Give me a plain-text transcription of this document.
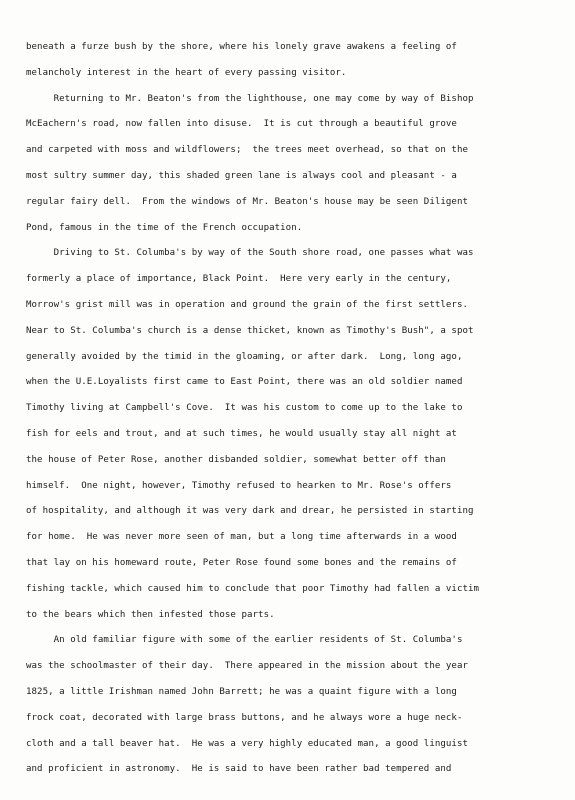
beneath a furze bush by the shore, where his lonely grave awakens a feeling of
melancholy interest in the heart of every passing visitor.
Returning to Mr. Beaton's from the lighthouse, one may come by way of Bishop
McEachern's road, now fallen into disuse.  It is cut through a beautiful grove
and carpeted with moss and wildflowers;  the trees meet overhead, so that on the
most sultry summer day, this shaded green lane is always cool and pleasant - a
regular fairy dell.  From the windows of Mr. Beaton's house may be seen Diligent
Pond, famous in the time of the French occupation.
Driving to St. Columba's by way of the South shore road, one passes what was
formerly a place of importance, Black Point.  Here very early in the century,
Morrow's grist mill was in operation and ground the grain of the first settlers.
Near to St. Columba's church is a dense thicket, known as Timothy's Bush", a spot
generally avoided by the timid in the gloaming, or after dark.  Long, long ago,
when the U.E.Loyalists first came to East Point, there was an old soldier named
Timothy living at Campbell's Cove.  It was his custom to come up to the lake to
fish for eels and trout, and at such times, he would usually stay all night at
the house of Peter Rose, another disbanded soldier, somewhat better off than
himself.  One night, however, Timothy refused to hearken to Mr. Rose's offers
of hospitality, and although it was very dark and drear, he persisted in starting
for home.  He was never more seen of man, but a long time afterwards in a wood
that lay on his homeward route, Peter Rose found some bones and the remains of
fishing tackle, which caused him to conclude that poor Timothy had fallen a victim
to the bears which then infested those parts.
An old familiar figure with some of the earlier residents of St. Columba's
was the schoolmaster of their day.  There appeared in the mission about the year
1825, a little Irishman named John Barrett; he was a quaint figure with a long
frock coat, decorated with large brass buttons, and he always wore a huge neck-
cloth and a tall beaver hat.  He was a very highly educated man, a good linguist
and proficient in astronomy.  He is said to have been rather bad tempered and
